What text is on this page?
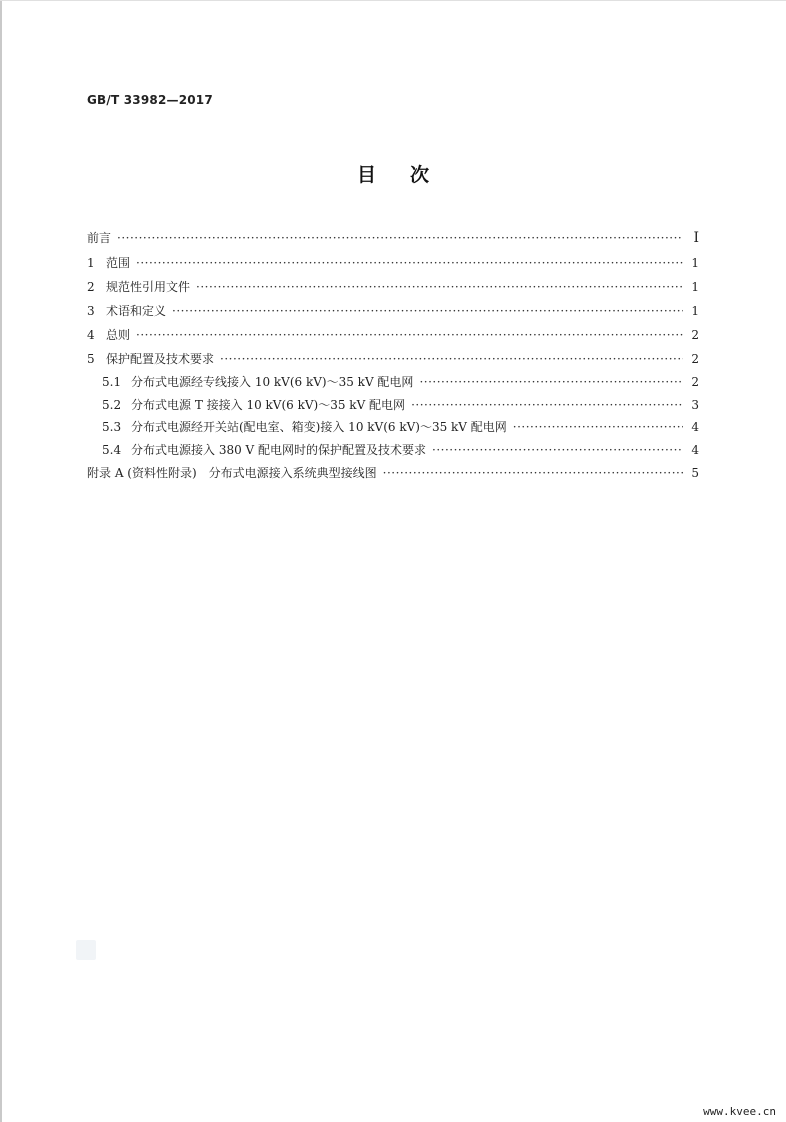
GB/T 33982—2017
目次
前言 ·····	Ⅰ
1 范围 ·····	1
2 规范性引用文件 ·····	1
3 术语和定义 ·····	1
4 总则 ·····	2
5 保护配置及技术要求 ·····	2
5.1 分布式电源经专线接入 10 kV(6 kV)～35 kV 配电网 ·····	2
5.2 分布式电源 T 接接入 10 kV(6 kV)～35 kV 配电网 ·····	3
5.3 分布式电源经开关站(配电室、箱变)接入 10 kV(6 kV)～35 kV 配电网 ·····	4
5.4 分布式电源接入 380 V 配电网时的保护配置及技术要求 ·····	4
附录 A (资料性附录)　分布式电源接入系统典型接线图 ·····	5
www.kvee.cn
